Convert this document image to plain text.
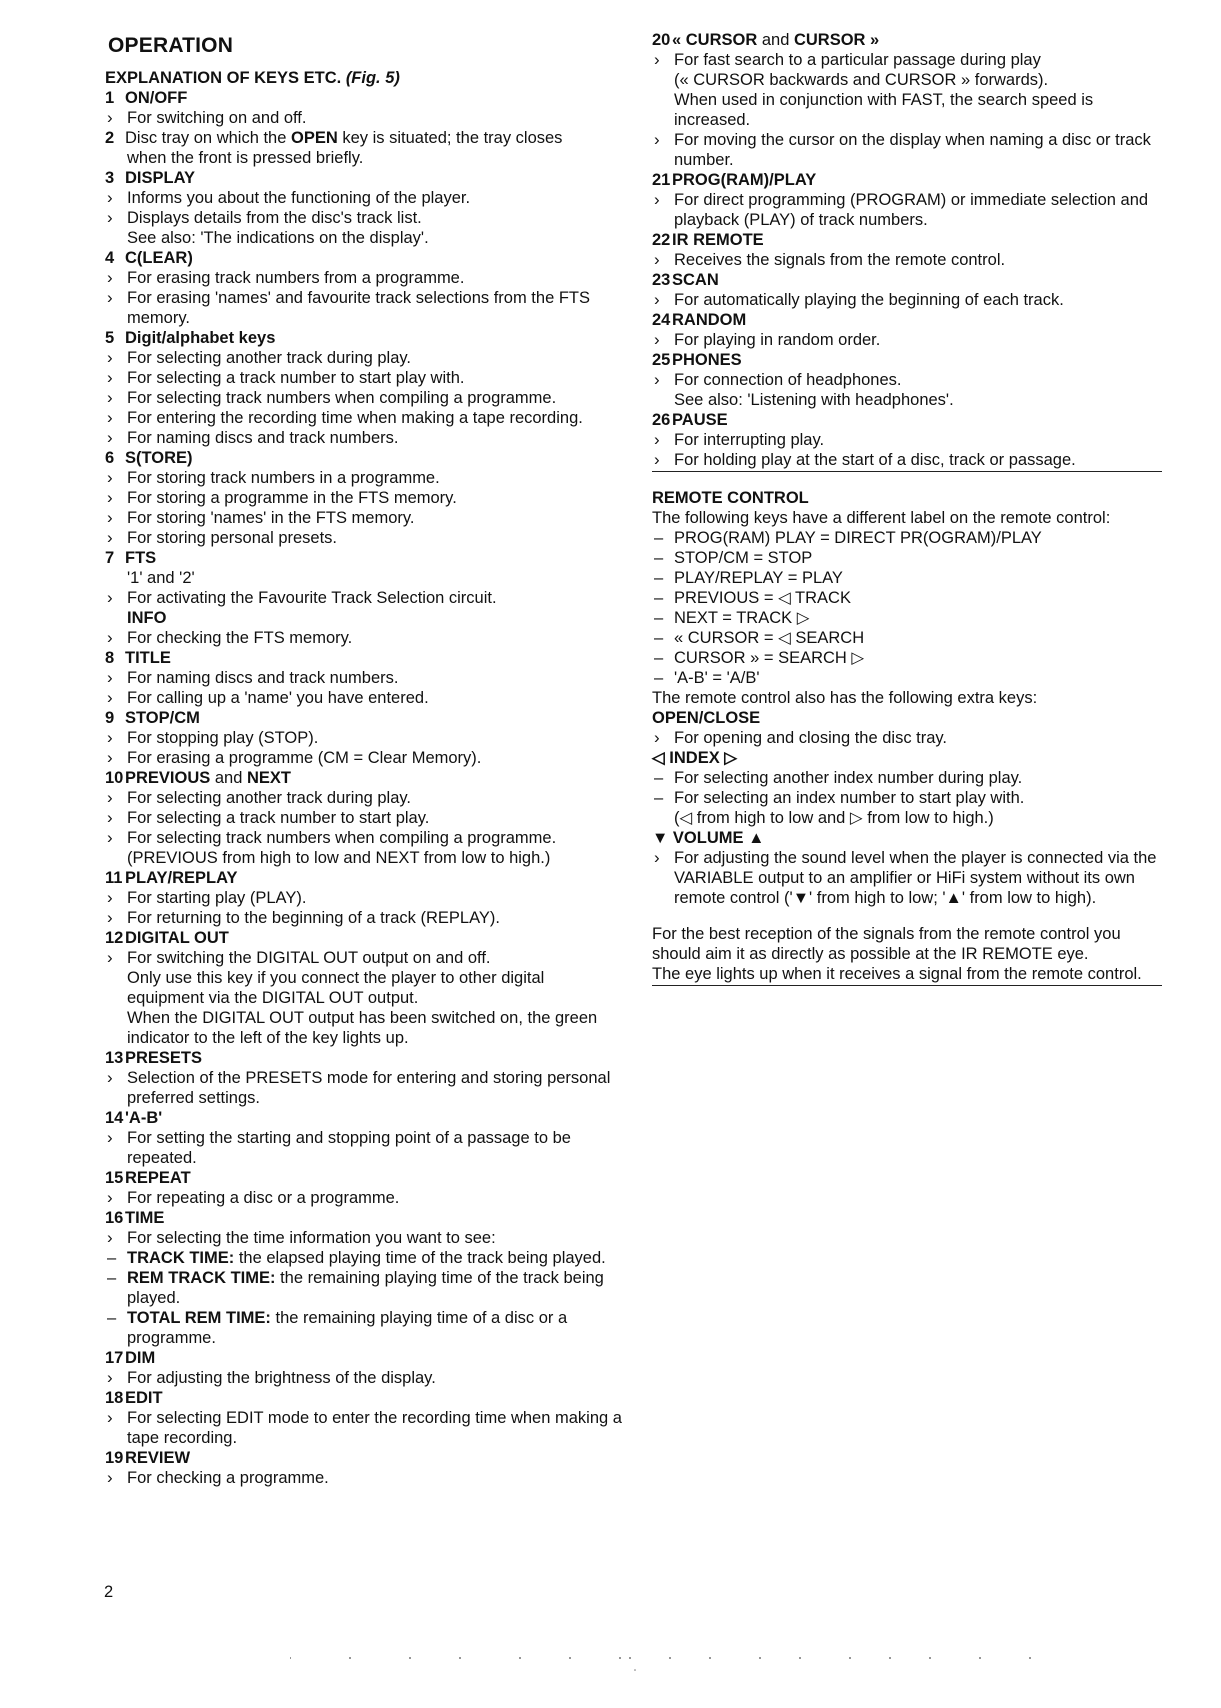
OPERATION
EXPLANATION OF KEYS ETC. (Fig. 5)
1 ON/OFF
›
For switching on and off.
2 Disc tray on which the OPEN key is situated; the tray closes
when the front is pressed briefly.
3 DISPLAY
›
Informs you about the functioning of the player.
›
Displays details from the disc's track list.
See also: 'The indications on the display'.
4 C(LEAR)
›
For erasing track numbers from a programme.
›
For erasing 'names' and favourite track selections from the FTS memory.
5 Digit/alphabet keys
›
For selecting another track during play.
›
For selecting a track number to start play with.
›
For selecting track numbers when compiling a programme.
›
For entering the recording time when making a tape recording.
›
For naming discs and track numbers.
6 S(TORE)
›
For storing track numbers in a programme.
›
For storing a programme in the FTS memory.
›
For storing 'names' in the FTS memory.
›
For storing personal presets.
7 FTS
'1' and '2'
›
For activating the Favourite Track Selection circuit.
INFO
›
For checking the FTS memory.
8 TITLE
›
For naming discs and track numbers.
›
For calling up a 'name' you have entered.
9 STOP/CM
›
For stopping play (STOP).
›
For erasing a programme (CM = Clear Memory).
10PREVIOUS and NEXT
›
For selecting another track during play.
›
For selecting a track number to start play.
›
For selecting track numbers when compiling a programme.
(PREVIOUS from high to low and NEXT from low to high.)
11 PLAY/REPLAY
›
For starting play (PLAY).
›
For returning to the beginning of a track (REPLAY).
12DIGITAL OUT
›
For switching the DIGITAL OUT output on and off.
Only use this key if you connect the player to other digital equipment via the DIGITAL OUT output.
When the DIGITAL OUT output has been switched on, the green indicator to the left of the key lights up.
13PRESETS
›
Selection of the PRESETS mode for entering and storing personal preferred settings.
14'A-B'
›
For setting the starting and stopping point of a passage to be repeated.
15REPEAT
›
For repeating a disc or a programme.
16TIME
›
For selecting the time information you want to see:
–
TRACK TIME: the elapsed playing time of the track being played.
–
REM TRACK TIME: the remaining playing time of the track being played.
–
TOTAL REM TIME: the remaining playing time of a disc or a programme.
17DIM
›
For adjusting the brightness of the display.
18EDIT
›
For selecting EDIT mode to enter the recording time when making a tape recording.
19REVIEW
›
For checking a programme.
20« CURSOR and CURSOR »
›
For fast search to a particular passage during play
(« CURSOR backwards and CURSOR » forwards).
When used in conjunction with FAST, the search speed is increased.
›
For moving the cursor on the display when naming a disc or track number.
21PROG(RAM)/PLAY
›
For direct programming (PROGRAM) or immediate selection and playback (PLAY) of track numbers.
22IR REMOTE
›
Receives the signals from the remote control.
23SCAN
›
For automatically playing the beginning of each track.
24RANDOM
›
For playing in random order.
25PHONES
›
For connection of headphones.
See also: 'Listening with headphones'.
26PAUSE
›
For interrupting play.
›
For holding play at the start of a disc, track or passage.
REMOTE CONTROL
The following keys have a different label on the remote control:
–
PROG(RAM) PLAY = DIRECT PR(OGRAM)/PLAY
–
STOP/CM = STOP
–
PLAY/REPLAY = PLAY
–
PREVIOUS = ◁ TRACK
–
NEXT = TRACK ▷
–
« CURSOR = ◁ SEARCH
–
CURSOR » = SEARCH ▷
–
'A-B' = 'A/B'
The remote control also has the following extra keys:
OPEN/CLOSE
›
For opening and closing the disc tray.
◁ INDEX ▷
–
For selecting another index number during play.
–
For selecting an index number to start play with.
(◁ from high to low and ▷ from low to high.)
▼ VOLUME ▲
›
For adjusting the sound level when the player is connected via the VARIABLE output to an amplifier or HiFi system without its own remote control ('▼' from high to low; '▲' from low to high).
For the best reception of the signals from the remote control you should aim it as directly as possible at the IR REMOTE eye.
The eye lights up when it receives a signal from the remote control.
2
